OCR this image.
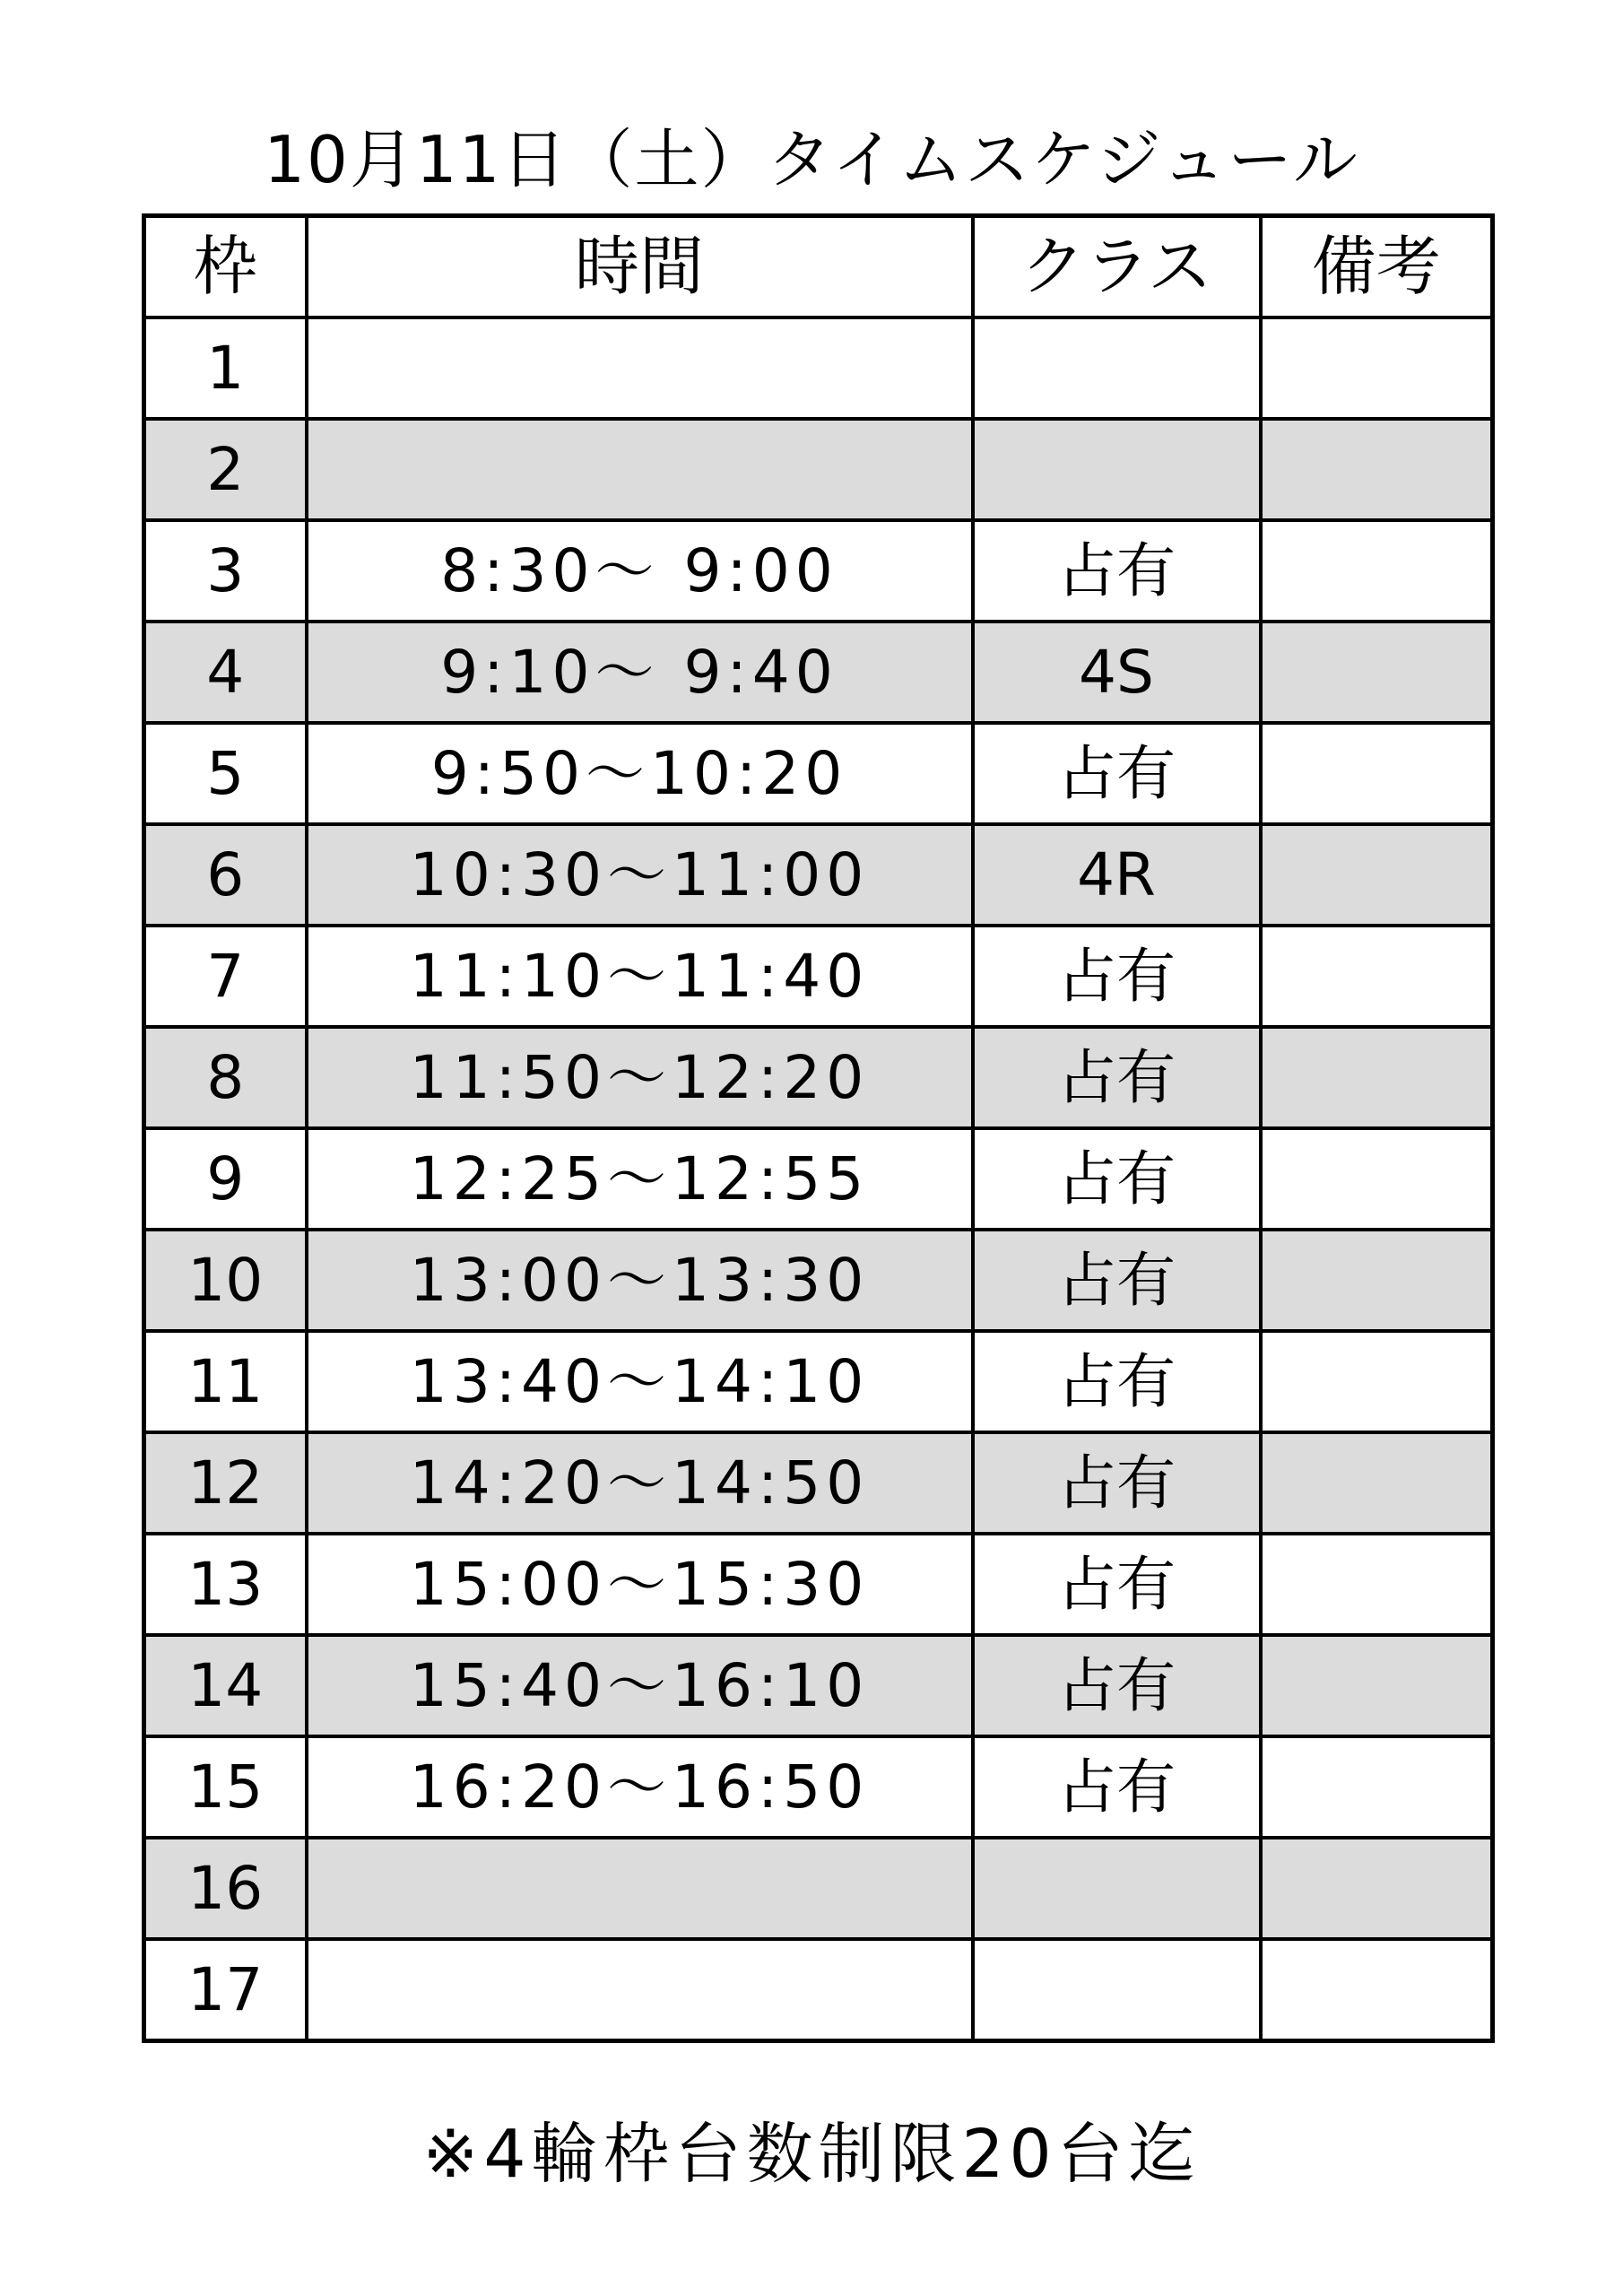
10月11日（土）タイムスケジュール
枠	時間	クラス	備考
1			
2			
3	8:30～ 9:00	占有	
4	9:10～ 9:40	4S	
5	9:50～10:20	占有	
6	10:30～11:00	4R	
7	11:10～11:40	占有	
8	11:50～12:20	占有	
9	12:25～12:55	占有	
10	13:00～13:30	占有	
11	13:40～14:10	占有	
12	14:20～14:50	占有	
13	15:00～15:30	占有	
14	15:40～16:10	占有	
15	16:20～16:50	占有	
16			
17			
※4輪枠台数制限20台迄
